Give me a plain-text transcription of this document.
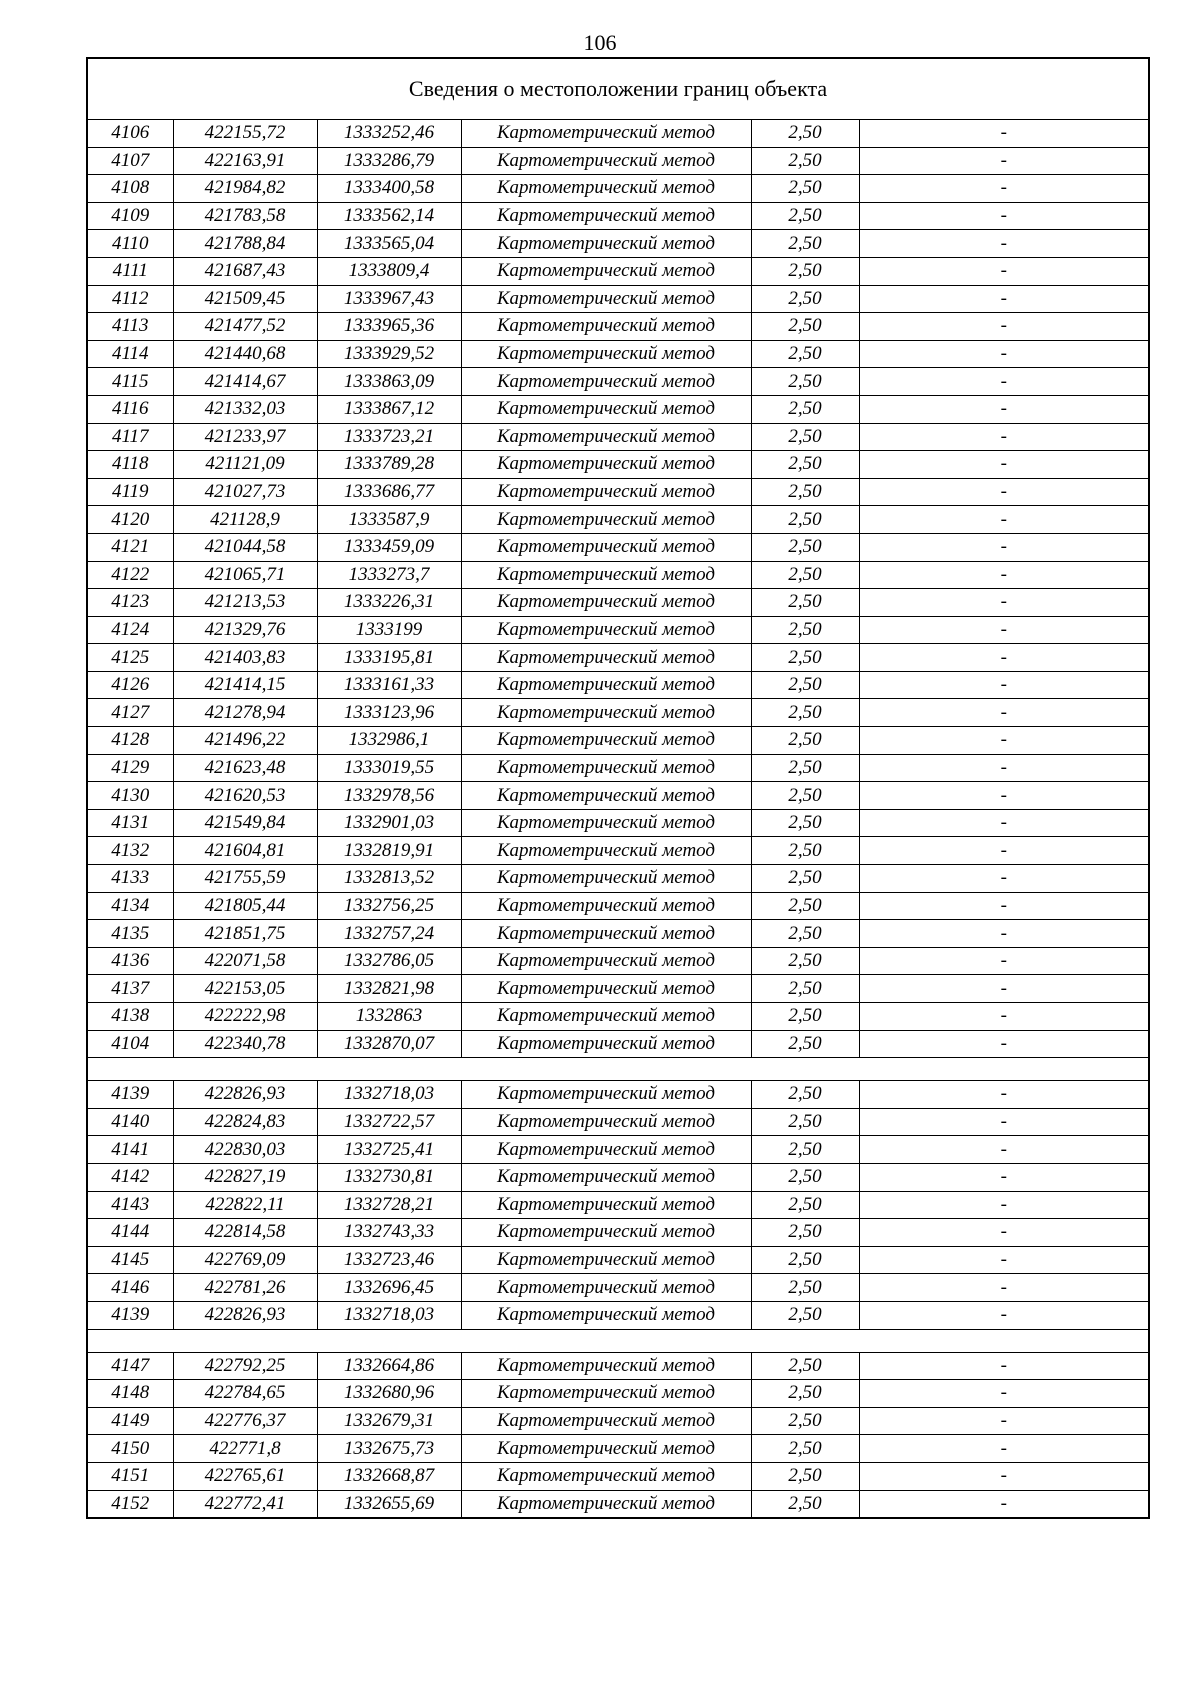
106
Сведения о местоположении границ объекта					
4106	422155,72	1333252,46	Картометрический метод	2,50	-
4107	422163,91	1333286,79	Картометрический метод	2,50	-
4108	421984,82	1333400,58	Картометрический метод	2,50	-
4109	421783,58	1333562,14	Картометрический метод	2,50	-
4110	421788,84	1333565,04	Картометрический метод	2,50	-
4111	421687,43	1333809,4	Картометрический метод	2,50	-
4112	421509,45	1333967,43	Картометрический метод	2,50	-
4113	421477,52	1333965,36	Картометрический метод	2,50	-
4114	421440,68	1333929,52	Картометрический метод	2,50	-
4115	421414,67	1333863,09	Картометрический метод	2,50	-
4116	421332,03	1333867,12	Картометрический метод	2,50	-
4117	421233,97	1333723,21	Картометрический метод	2,50	-
4118	421121,09	1333789,28	Картометрический метод	2,50	-
4119	421027,73	1333686,77	Картометрический метод	2,50	-
4120	421128,9	1333587,9	Картометрический метод	2,50	-
4121	421044,58	1333459,09	Картометрический метод	2,50	-
4122	421065,71	1333273,7	Картометрический метод	2,50	-
4123	421213,53	1333226,31	Картометрический метод	2,50	-
4124	421329,76	1333199	Картометрический метод	2,50	-
4125	421403,83	1333195,81	Картометрический метод	2,50	-
4126	421414,15	1333161,33	Картометрический метод	2,50	-
4127	421278,94	1333123,96	Картометрический метод	2,50	-
4128	421496,22	1332986,1	Картометрический метод	2,50	-
4129	421623,48	1333019,55	Картометрический метод	2,50	-
4130	421620,53	1332978,56	Картометрический метод	2,50	-
4131	421549,84	1332901,03	Картометрический метод	2,50	-
4132	421604,81	1332819,91	Картометрический метод	2,50	-
4133	421755,59	1332813,52	Картометрический метод	2,50	-
4134	421805,44	1332756,25	Картометрический метод	2,50	-
4135	421851,75	1332757,24	Картометрический метод	2,50	-
4136	422071,58	1332786,05	Картометрический метод	2,50	-
4137	422153,05	1332821,98	Картометрический метод	2,50	-
4138	422222,98	1332863	Картометрический метод	2,50	-
4104	422340,78	1332870,07	Картометрический метод	2,50	-

4139	422826,93	1332718,03	Картометрический метод	2,50	-
4140	422824,83	1332722,57	Картометрический метод	2,50	-
4141	422830,03	1332725,41	Картометрический метод	2,50	-
4142	422827,19	1332730,81	Картометрический метод	2,50	-
4143	422822,11	1332728,21	Картометрический метод	2,50	-
4144	422814,58	1332743,33	Картометрический метод	2,50	-
4145	422769,09	1332723,46	Картометрический метод	2,50	-
4146	422781,26	1332696,45	Картометрический метод	2,50	-
4139	422826,93	1332718,03	Картометрический метод	2,50	-

4147	422792,25	1332664,86	Картометрический метод	2,50	-
4148	422784,65	1332680,96	Картометрический метод	2,50	-
4149	422776,37	1332679,31	Картометрический метод	2,50	-
4150	422771,8	1332675,73	Картометрический метод	2,50	-
4151	422765,61	1332668,87	Картометрический метод	2,50	-
4152	422772,41	1332655,69	Картометрический метод	2,50	-
